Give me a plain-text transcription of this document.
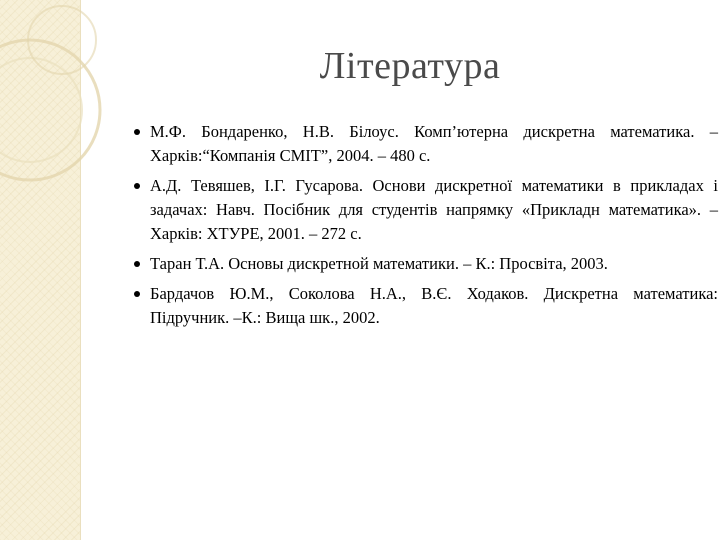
Література
М.Ф. Бондаренко, Н.В. Білоус. Комп’ютерна дискретна математика. – Харків:“Компанія СМІТ”, 2004. – 480 с.
А.Д. Тевяшев, І.Г. Гусарова. Основи дискретної математики в прикладах і задачах: Навч. Посібник для студентів напрямку «Прикладн математика». – Харків: ХТУРЕ, 2001. – 272 с.
Таран Т.А. Основы дискретной математики. – К.: Просвіта, 2003.
Бардачов Ю.М., Соколова Н.А., В.Є. Ходаков. Дискретна математика: Підручник. –К.: Вища шк., 2002.
